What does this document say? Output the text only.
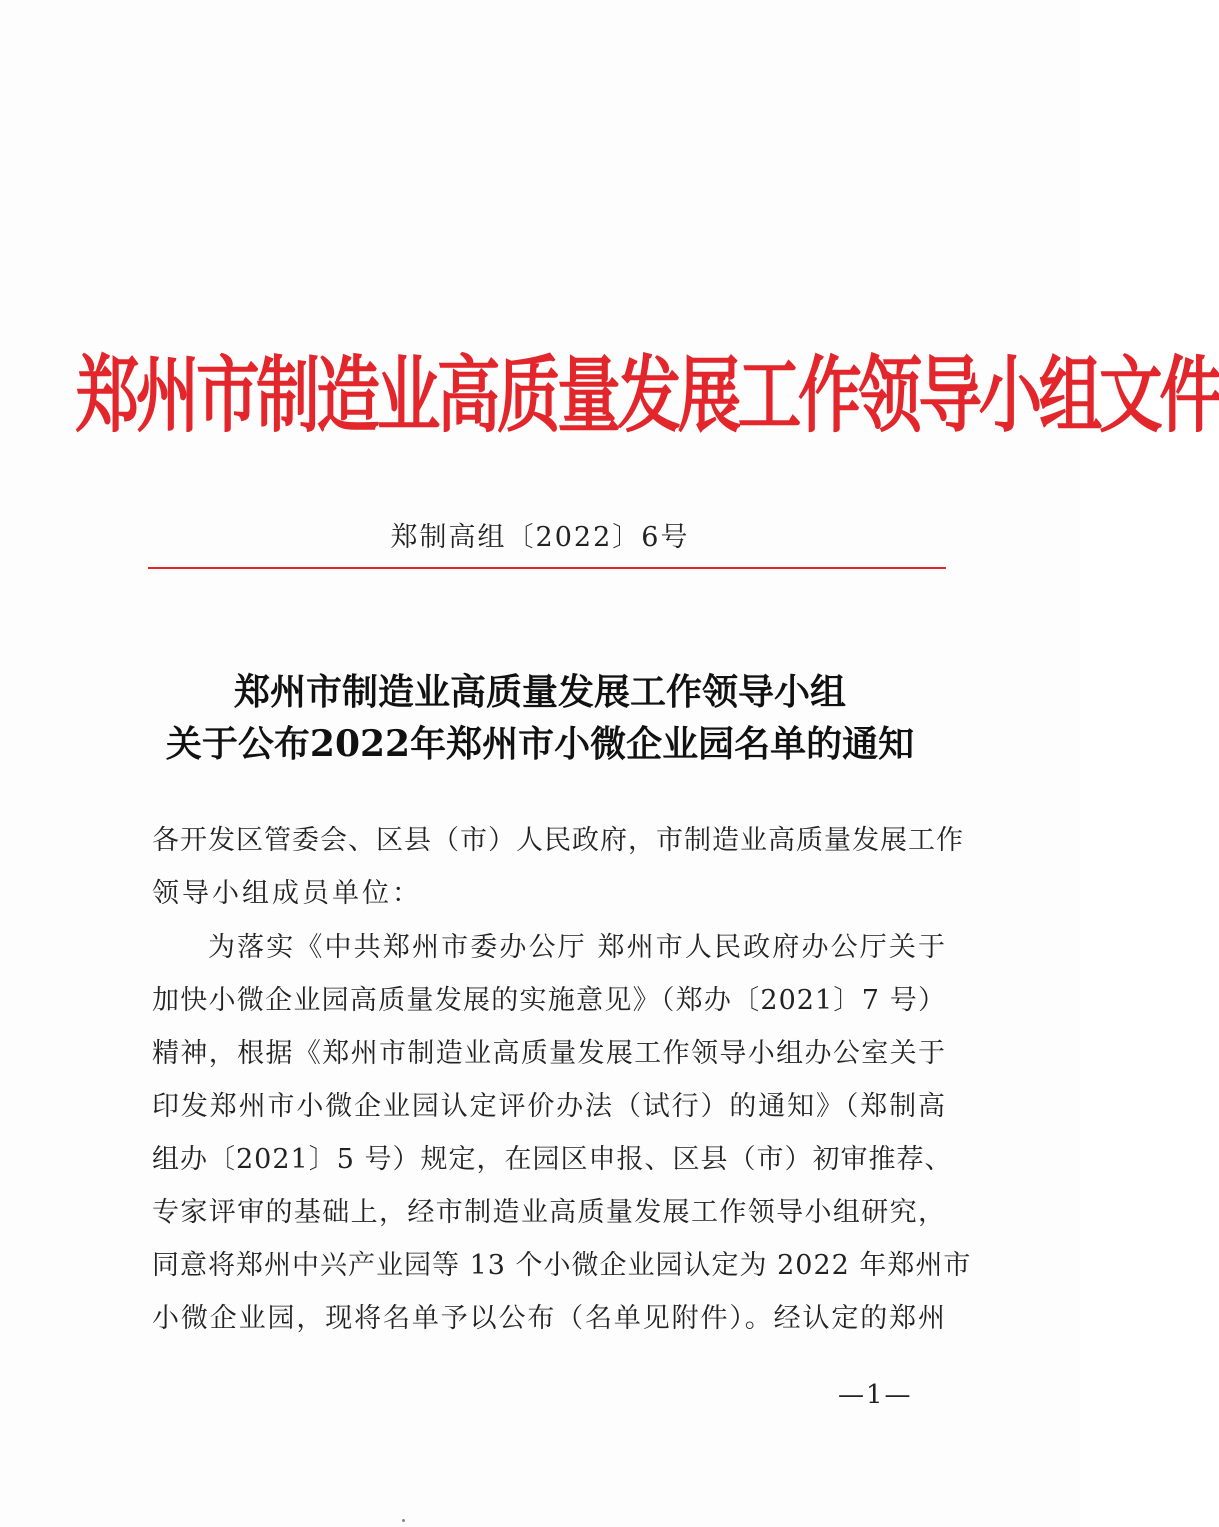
郑州市制造业高质量发展工作领导小组文件
郑制高组〔2022〕6号
郑州市制造业高质量发展工作领导小组
关于公布2022年郑州市小微企业园名单的通知
各开发区管委会、区县（市）人民政府，市制造业高质量发展工作
领导小组成员单位：
为落实《中共郑州市委办公厅 郑州市人民政府办公厅关于
加快小微企业园高质量发展的实施意见》（郑办〔2021〕7 号）
精神，根据《郑州市制造业高质量发展工作领导小组办公室关于
印发郑州市小微企业园认定评价办法（试行）的通知》（郑制高
组办〔2021〕5 号）规定，在园区申报、区县（市）初审推荐、
专家评审的基础上，经市制造业高质量发展工作领导小组研究，
同意将郑州中兴产业园等 13 个小微企业园认定为 2022 年郑州市
小微企业园，现将名单予以公布（名单见附件）。经认定的郑州
—1—
